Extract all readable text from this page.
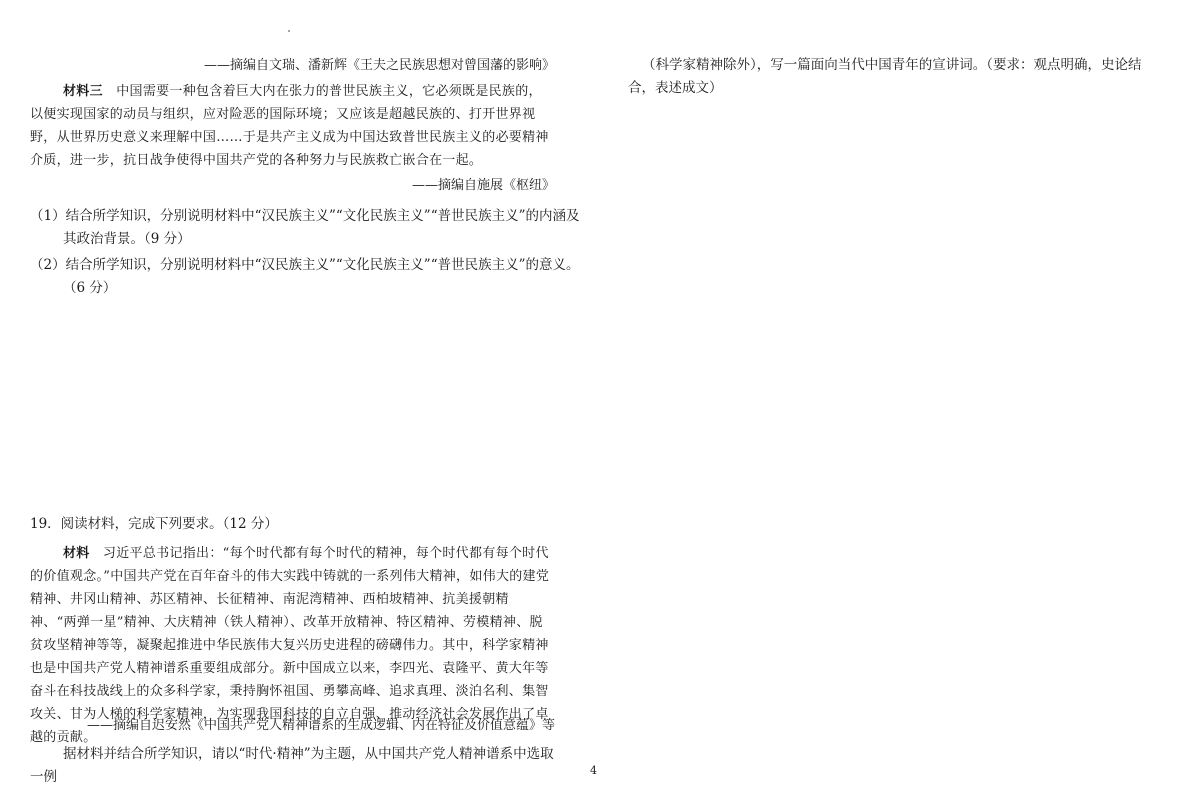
——摘编自文瑞、潘新辉《王夫之民族思想对曾国藩的影响》
材料三　 中国需要一种包含着巨大内在张力的普世民族主义，它必须既是民族的，以便实现国家的动员与组织，应对险恶的国际环境；又应该是超越民族的、打开世界视野，从世界历史意义来理解中国……于是共产主义成为中国达致普世民族主义的必要精神介质，进一步，抗日战争使得中国共产党的各种努力与民族救亡嵌合在一起。
——摘编自施展《枢纽》
（1）结合所学知识，分别说明材料中“汉民族主义”“文化民族主义”“普世民族主义”的内涵及其政治背景。（9 分）
（2）结合所学知识，分别说明材料中“汉民族主义”“文化民族主义”“普世民族主义”的意义。（6 分）
19．阅读材料，完成下列要求。（12 分）
材料　 习近平总书记指出：“每个时代都有每个时代的精神，每个时代都有每个时代的价值观念。”中国共产党在百年奋斗的伟大实践中铸就的一系列伟大精神，如伟大的建党精神、井冈山精神、苏区精神、长征精神、南泥湾精神、西柏坡精神、抗美援朝精神、“两弹一星”精神、大庆精神（铁人精神）、改革开放精神、特区精神、劳模精神、脱贫攻坚精神等等，凝聚起推进中华民族伟大复兴历史进程的磅礴伟力。其中，科学家精神也是中国共产党人精神谱系重要组成部分。新中国成立以来，李四光、袁隆平、黄大年等奋斗在科技战线上的众多科学家，秉持胸怀祖国、勇攀高峰、追求真理、淡泊名利、集智攻关、甘为人梯的科学家精神，为实现我国科技的自立自强、推动经济社会发展作出了卓越的贡献。
——摘编自迟安然《中国共产党人精神谱系的生成逻辑、内在特征及价值意蕴》等
据材料并结合所学知识，请以“时代·精神”为主题，从中国共产党人精神谱系中选取一例
（科学家精神除外），写一篇面向当代中国青年的宣讲词。（要求：观点明确，史论结合，表述成文）
4
